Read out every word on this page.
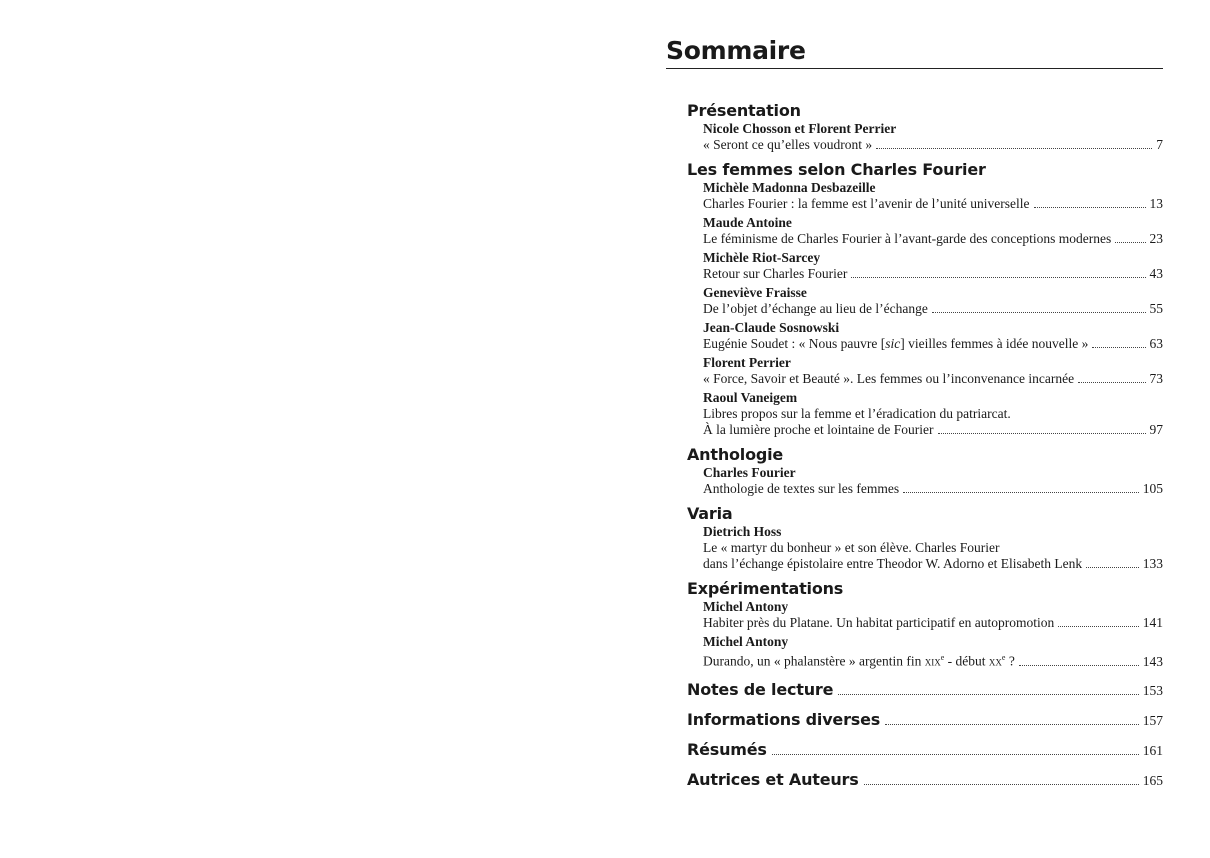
Sommaire
Présentation
Nicole Chosson et Florent Perrier
« Seront ce qu’elles voudront »	7
Les femmes selon Charles Fourier
Michèle Madonna Desbazeille
Charles Fourier : la femme est l’avenir de l’unité universelle	13
Maude Antoine
Le féminisme de Charles Fourier à l’avant-garde des conceptions modernes	23
Michèle Riot-Sarcey
Retour sur Charles Fourier	43
Geneviève Fraisse
De l’objet d’échange au lieu de l’échange	55
Jean-Claude Sosnowski
Eugénie Soudet : « Nous pauvre [sic] vieilles femmes à idée nouvelle »	63
Florent Perrier
« Force, Savoir et Beauté ». Les femmes ou l’inconvenance incarnée	73
Raoul Vaneigem
Libres propos sur la femme et l’éradication du patriarcat.
À la lumière proche et lointaine de Fourier	97
Anthologie
Charles Fourier
Anthologie de textes sur les femmes	105
Varia
Dietrich Hoss
Le « martyr du bonheur » et son élève. Charles Fourier
dans l’échange épistolaire entre Theodor W. Adorno et Elisabeth Lenk	133
Expérimentations
Michel Antony
Habiter près du Platane. Un habitat participatif en autopromotion	141
Michel Antony
Durando, un « phalanstère » argentin fin xix$^e$ - début $xx^e$ ?	143
Notes de lecture	153
Informations diverses	157
Résumés	161
Autrices et Auteurs	165
